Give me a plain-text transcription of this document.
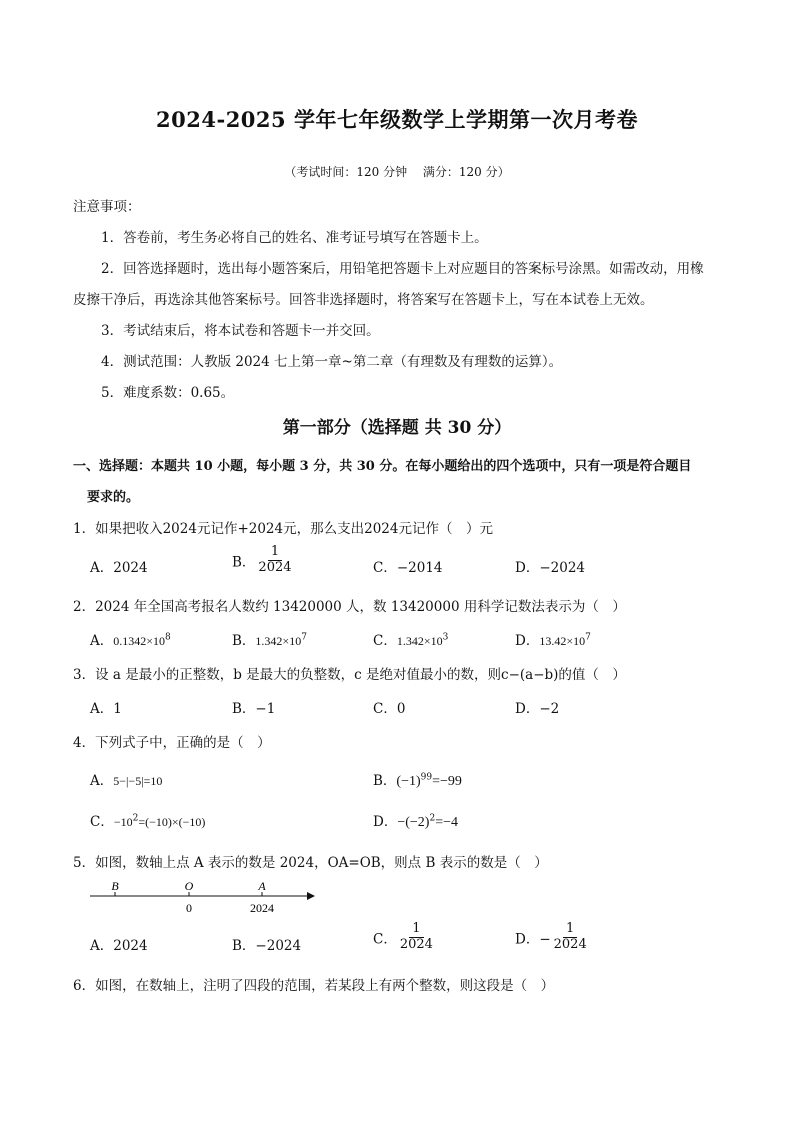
2024-2025 学年七年级数学上学期第一次月考卷
（考试时间：120 分钟　 满分：120 分）
注意事项：
1．答卷前，考生务必将自己的姓名、准考证号填写在答题卡上。
2．回答选择题时，选出每小题答案后，用铅笔把答题卡上对应题目的答案标号涂黑。如需改动，用橡
皮擦干净后，再选涂其他答案标号。回答非选择题时，将答案写在答题卡上，写在本试卷上无效。
3．考试结束后，将本试卷和答题卡一并交回。
4．测试范围：人教版 2024 七上第一章~第二章（有理数及有理数的运算）。
5．难度系数：0.65。
第一部分（选择题 共 30 分）
一、选择题：本题共 10 小题，每小题 3 分，共 30 分。在每小题给出的四个选项中，只有一项是符合题目
要求的。
1．如果把收入2024元记作+2024元，那么支出2024元记作（　）元
A．2024	B． $\frac{1}{2024}$	C．−2014	D．−2024
2．2024 年全国高考报名人数约 13420000 人，数 13420000 用科学记数法表示为（　）
A．$0.1342\times 10^8$	B．$1.342\times 10^7$	C．$1.342\times 10^3$	D．$13.42\times 10^7$
3．设 a 是最小的正整数，b 是最大的负整数，c 是绝对值最小的数，则c−(a−b)的值（　）
A．1	B．−1	C．0	D．−2
4．下列式子中，正确的是（　）
A．5−|−5|=10	B．$(-1)^{99}=-99$
C．$-10^2=(-10)\times(-10)$	D．$-(-2)^2=-4$
5．如图，数轴上点 A 表示的数是 2024，OA=OB，则点 B 表示的数是（　）
B	O	A
0	2024
A．2024	B．−2024	C． $\frac{1}{2024}$	D．− $\frac{1}{2024}$
6．如图，在数轴上，注明了四段的范围，若某段上有两个整数，则这段是（　）
